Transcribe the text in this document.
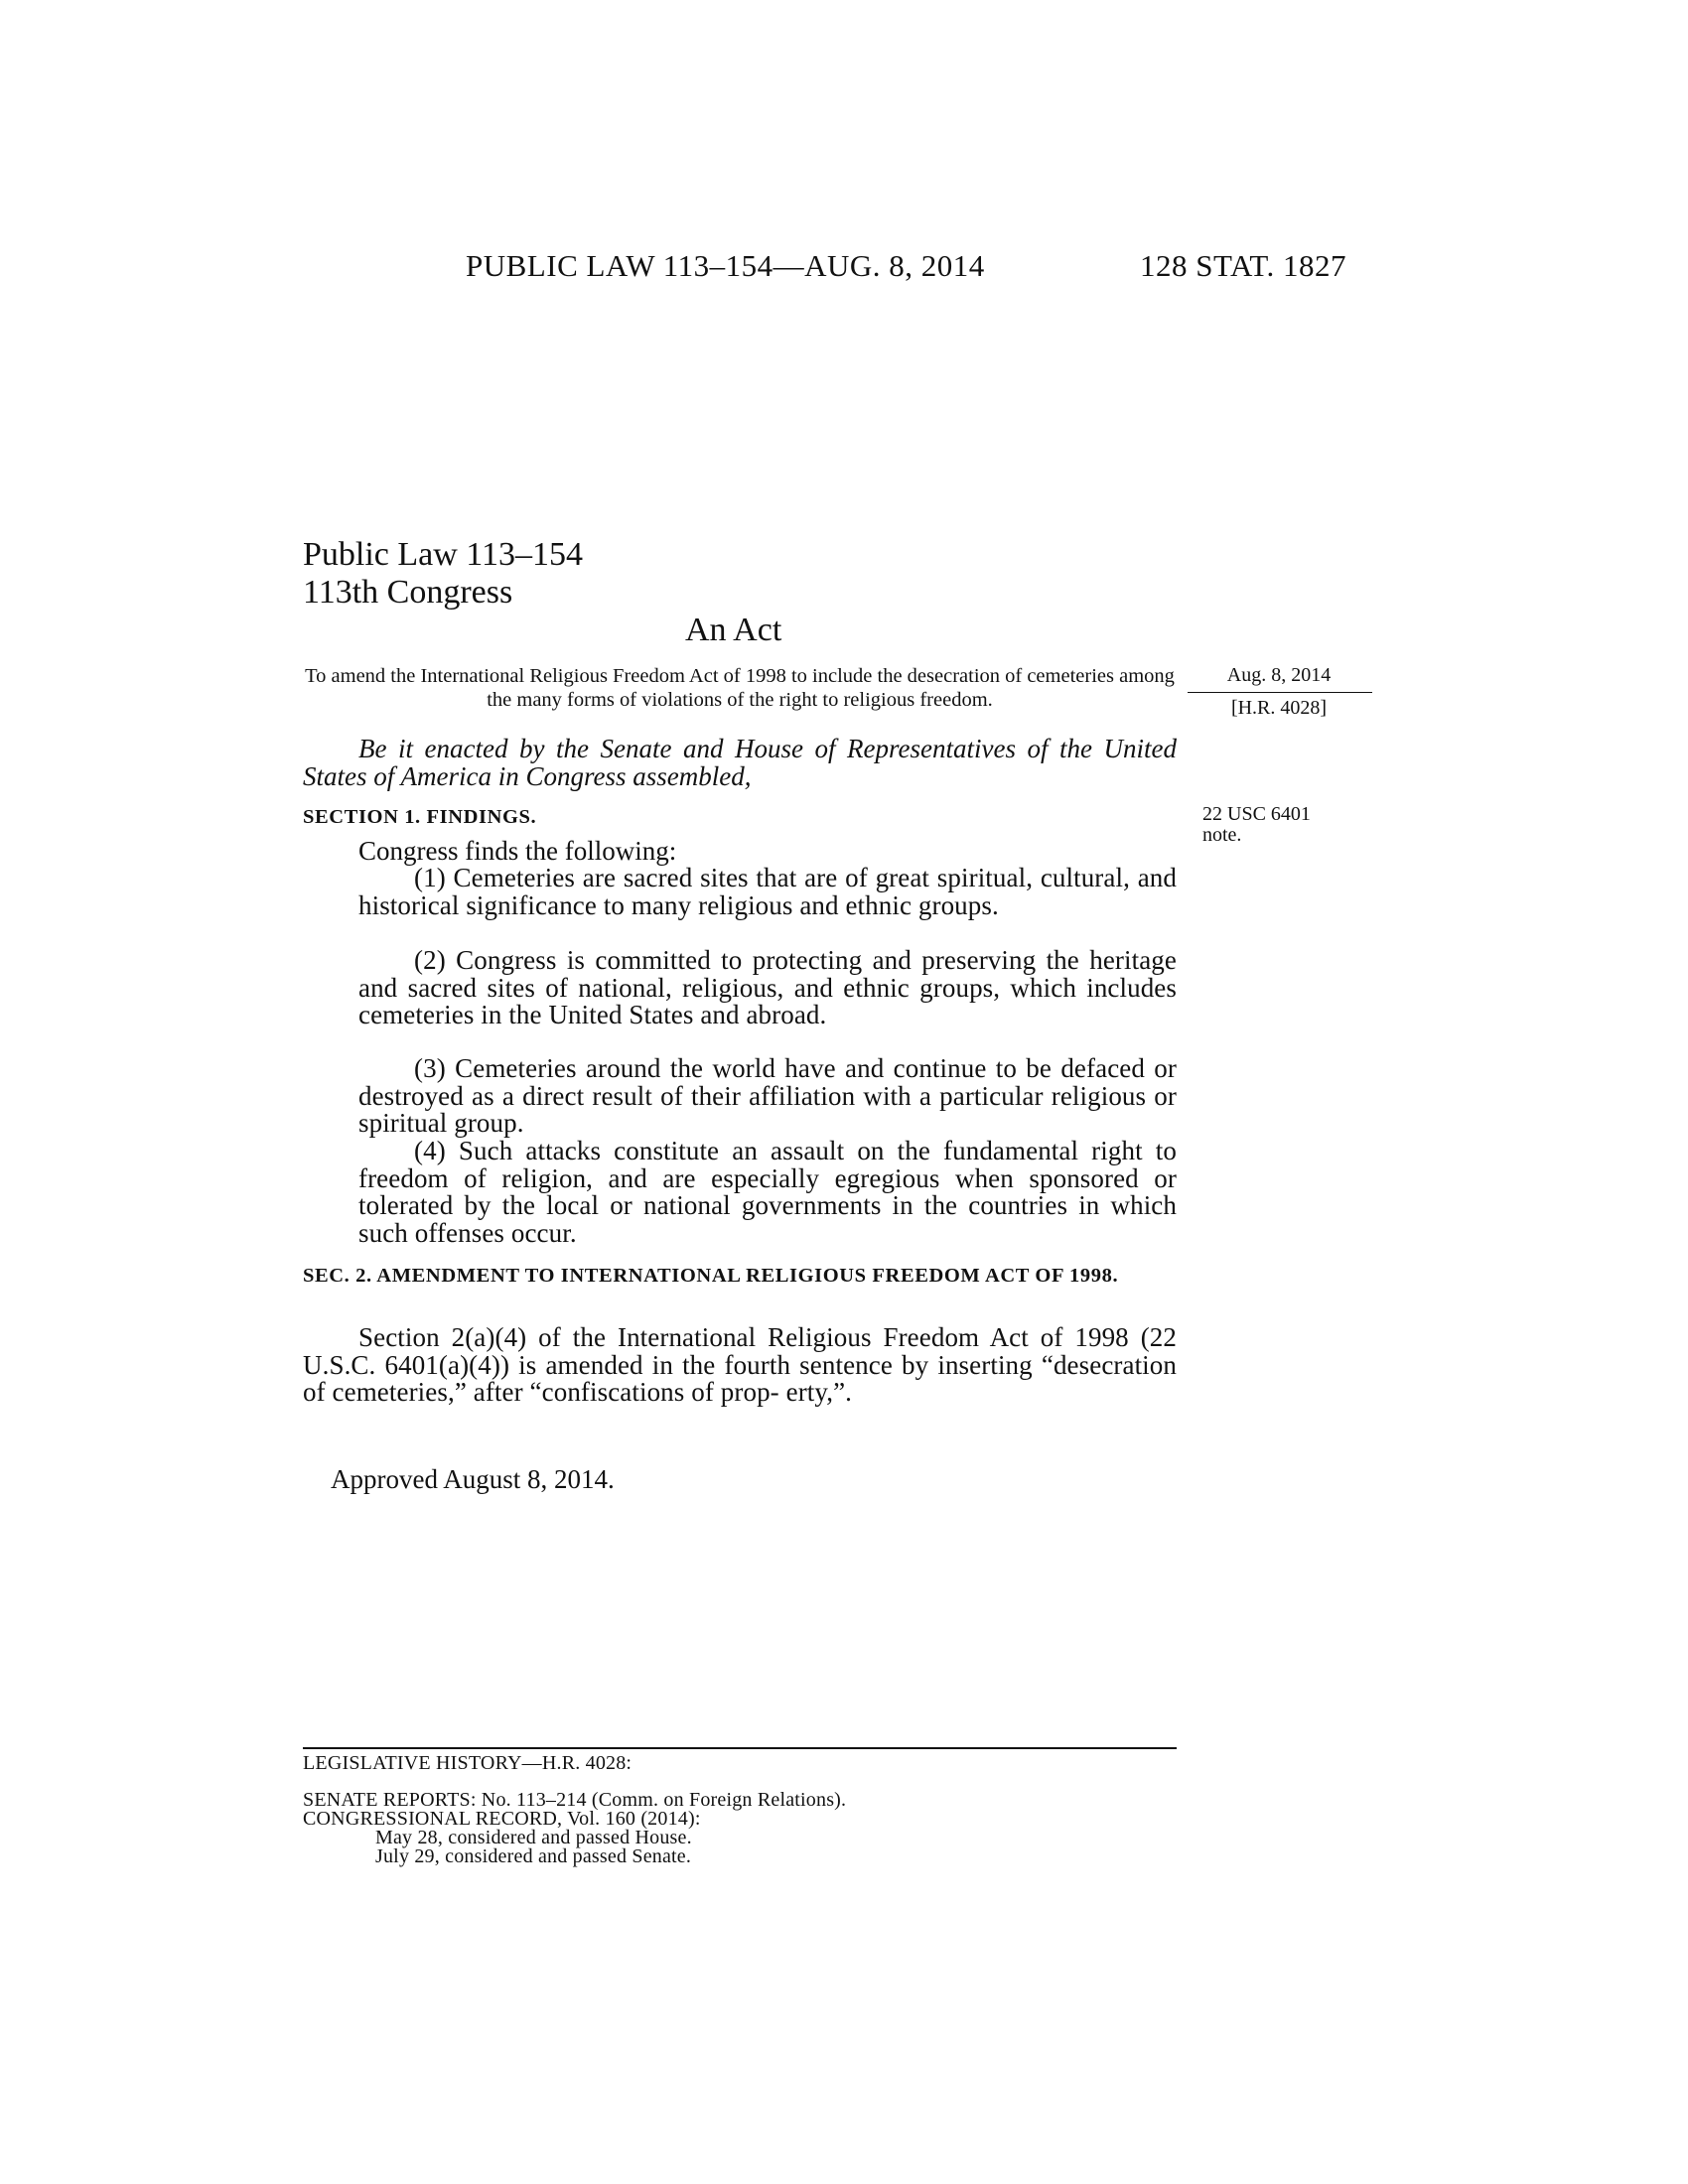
PUBLIC LAW 113–154—AUG. 8, 2014	128 STAT. 1827
Public Law 113–154
113th Congress
An Act

To amend the International Religious Freedom Act of 1998 to include the desecration of cemeteries among the many forms of violations of the right to religious freedom.

Aug. 8, 2014
[H.R. 4028]

Be it enacted by the Senate and House of Representatives of the United States of America in Congress assembled,

SECTION 1. FINDINGS.	22 USC 6401
note.
Congress finds the following:

(1) Cemeteries are sacred sites that are of great spiritual, cultural, and historical significance to many religious and ethnic groups.

(2) Congress is committed to protecting and preserving the heritage and sacred sites of national, religious, and ethnic groups, which includes cemeteries in the United States and abroad.

(3) Cemeteries around the world have and continue to be defaced or destroyed as a direct result of their affiliation with a particular religious or spiritual group.

(4) Such attacks constitute an assault on the fundamental right to freedom of religion, and are especially egregious when sponsored or tolerated by the local or national governments in the countries in which such offenses occur.

SEC. 2. AMENDMENT TO INTERNATIONAL RELIGIOUS FREEDOM ACT OF 1998.

Section 2(a)(4) of the International Religious Freedom Act of 1998 (22 U.S.C. 6401(a)(4)) is amended in the fourth sentence by inserting “desecration of cemeteries,” after “confiscations of prop- erty,”.

Approved August 8, 2014.
LEGISLATIVE HISTORY—H.R. 4028:
SENATE REPORTS: No. 113–214 (Comm. on Foreign Relations).
CONGRESSIONAL RECORD, Vol. 160 (2014):
May 28, considered and passed House.
July 29, considered and passed Senate.
